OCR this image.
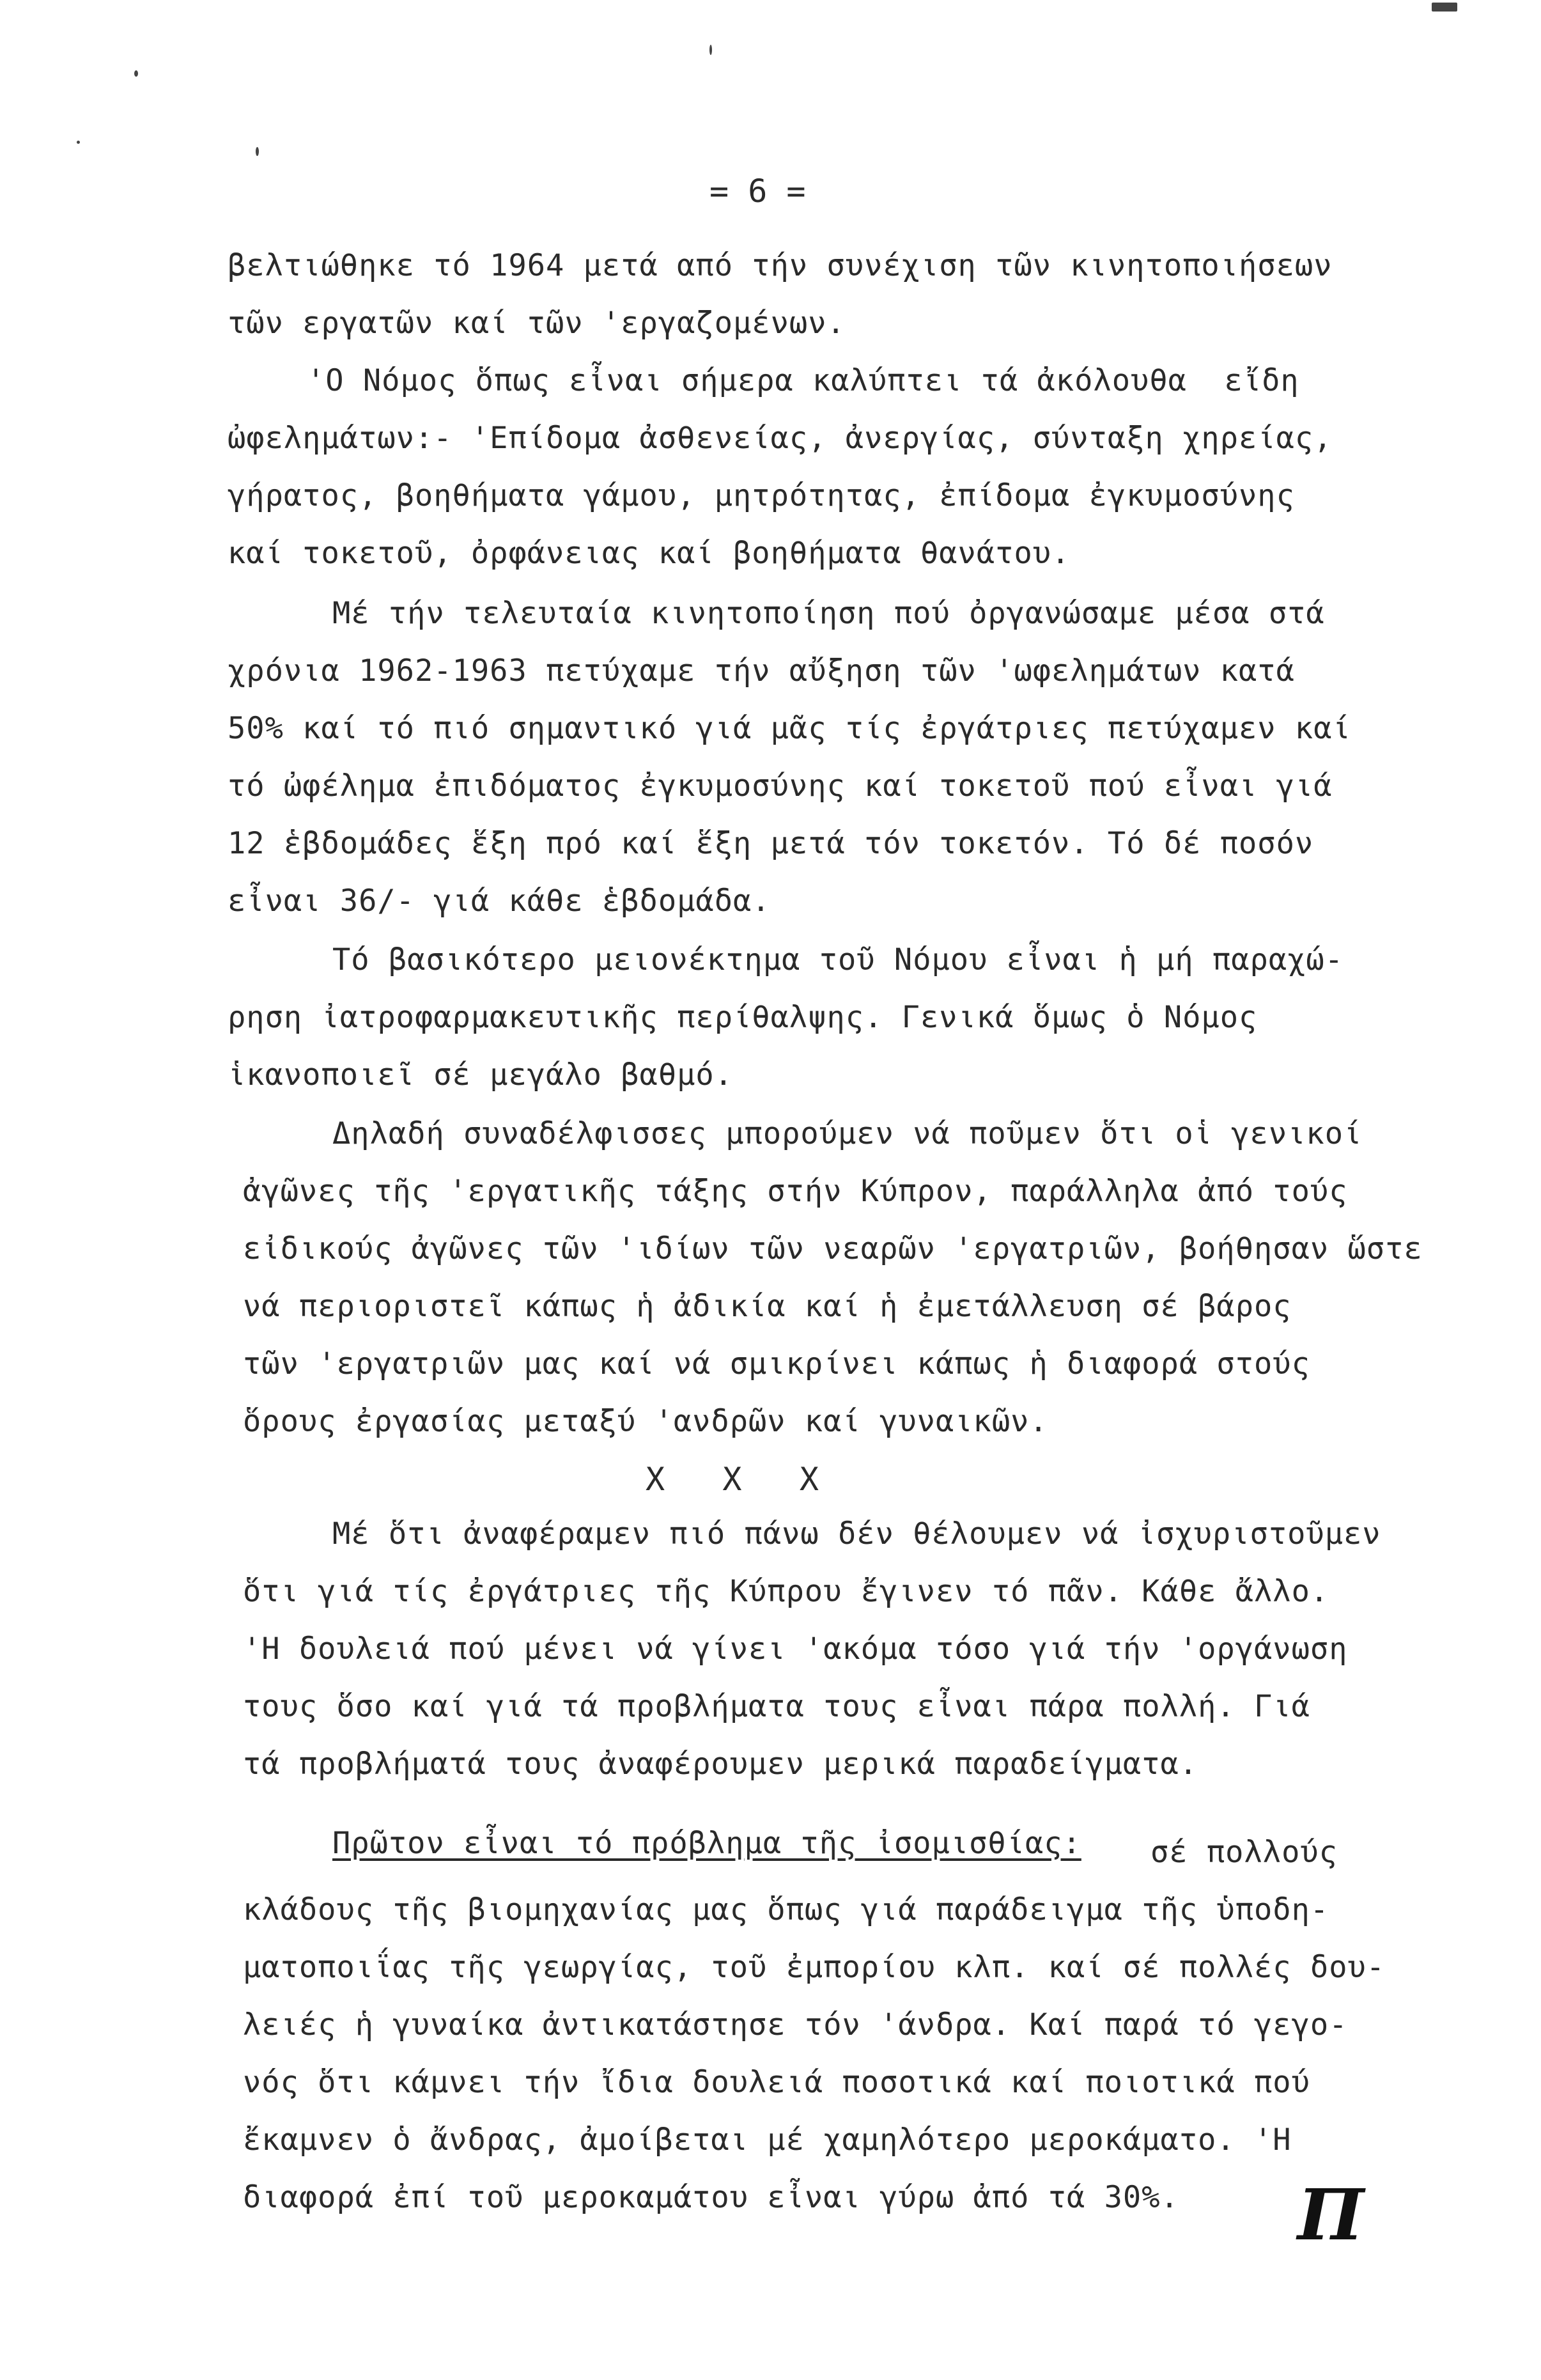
= 6 =
βελτιώθηκε τό 1964 μετά από τήν συνέχιση τῶν κινητοποιήσεων
τῶν εργατῶν καί τῶν 'εργαζομένων.
'Ο Νόμος ὅπως εἶναι σήμερα καλύπτει τά ἀκόλουθα  εἴδη
ὠφελημάτων:- 'Επίδομα ἀσθενείας, ἀνεργίας, σύνταξη χηρείας,
γήρατος, βοηθήματα γάμου, μητρότητας, ἐπίδομα ἐγκυμοσύνης
καί τοκετοῦ, ὀρφάνειας καί βοηθήματα θανάτου.
Μέ τήν τελευταία κινητοποίηση πού ὀργανώσαμε μέσα στά
χρόνια 1962-1963 πετύχαμε τήν αὔξηση τῶν 'ωφελημάτων κατά
50% καί τό πιό σημαντικό γιά μᾶς τίς ἐργάτριες πετύχαμεν καί
τό ὠφέλημα ἐπιδόματος ἐγκυμοσύνης καί τοκετοῦ πού εἶναι γιά
12 ἑβδομάδες ἕξη πρό καί ἕξη μετά τόν τοκετόν. Τό δέ ποσόν
εἶναι 36/- γιά κάθε ἑβδομάδα.
Τό βασικότερο μειονέκτημα τοῦ Νόμου εἶναι ἡ μή παραχώ-
ρηση ἰατροφαρμακευτικῆς περίθαλψης. Γενικά ὅμως ὁ Νόμος
ἱκανοποιεῖ σέ μεγάλο βαθμό.
Δηλαδή συναδέλφισσες μπορούμεν νά ποῦμεν ὅτι οἱ γενικοί
ἀγῶνες τῆς 'εργατικῆς τάξης στήν Κύπρον, παράλληλα ἀπό τούς
εἰδικούς ἀγῶνες τῶν 'ιδίων τῶν νεαρῶν 'εργατριῶν, βοήθησαν ὥστε
νά περιοριστεῖ κάπως ἡ ἀδικία καί ἡ ἐμετάλλευση σέ βάρος
τῶν 'εργατριῶν μας καί νά σμικρίνει κάπως ἡ διαφορά στούς
ὅρους ἐργασίας μεταξύ 'ανδρῶν καί γυναικῶν.
X   X   X
Μέ ὅτι ἀναφέραμεν πιό πάνω δέν θέλουμεν νά ἰσχυριστοῦμεν
ὅτι γιά τίς ἐργάτριες τῆς Κύπρου ἔγινεν τό πᾶν. Κάθε ἄλλο.
'Η δουλειά πού μένει νά γίνει 'ακόμα τόσο γιά τήν 'οργάνωση
τους ὅσο καί γιά τά προβλήματα τους εἶναι πάρα πολλή. Γιά
τά προβλήματά τους ἀναφέρουμεν μερικά παραδείγματα.
Πρῶτον εἶναι τό πρόβλημα τῆς ἰσομισθίας: σέ πολλούς
κλάδους τῆς βιομηχανίας μας ὅπως γιά παράδειγμα τῆς ὑποδη-
ματοποιΐας τῆς γεωργίας, τοῦ ἐμπορίου κλπ. καί σέ πολλές δου-
λειές ἡ γυναίκα ἀντικατάστησε τόν 'άνδρα. Καί παρά τό γεγο-
νός ὅτι κάμνει τήν ἴδια δουλειά ποσοτικά καί ποιοτικά πού
ἔκαμνεν ὁ ἄνδρας, ἀμοίβεται μέ χαμηλότερο μεροκάματο. 'Η
διαφορά ἐπί τοῦ μεροκαμάτου εἶναι γύρω ἀπό τά 30%. Π
